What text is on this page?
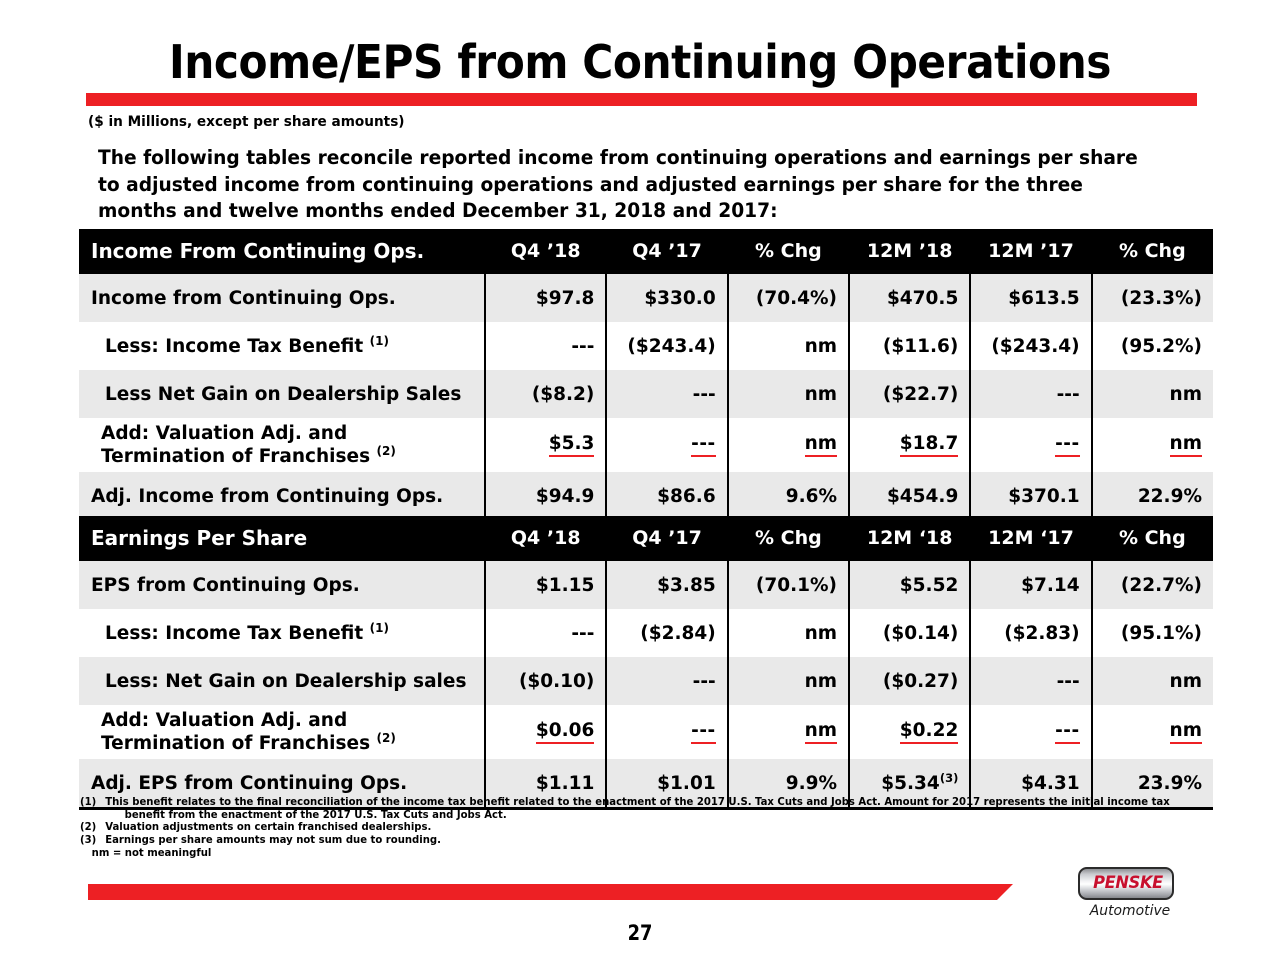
Income/EPS from Continuing Operations
($ in Millions, except per share amounts)
The following tables reconcile reported income from continuing operations and earnings per share to adjusted income from continuing operations and adjusted earnings per share for the three months and twelve months ended December 31, 2018 and 2017:
Income From Continuing Ops.	Q4 ’18	Q4 ’17	% Chg	12M ’18	12M ’17	% Chg
Income from Continuing Ops.	$97.8	$330.0	(70.4%)	$470.5	$613.5	(23.3%)
Less: Income Tax Benefit $^{(1)}$	---	($243.4)	nm	($11.6)	($243.4)	(95.2%)
Less Net Gain on Dealership Sales	($8.2)	---	nm	($22.7)	---	nm

Add: Valuation Adj. and
Termination of Franchises $^{(2)}$	$5.3	---	nm	$18.7	---	nm
Adj. Income from Continuing Ops.	$94.9	$86.6	9.6%	$454.9	$370.1	22.9%
Earnings Per Share	Q4 ’18	Q4 ’17	% Chg	12M ‘18	12M ‘17	% Chg
EPS from Continuing Ops.	$1.15	$3.85	(70.1%)	$5.52	$7.14	(22.7%)
Less: Income Tax Benefit $^{(1)}$	---	($2.84)	nm	($0.14)	($2.83)	(95.1%)
Less: Net Gain on Dealership sales	($0.10)	---	nm	($0.27)	---	nm

Add: Valuation Adj. and
Termination of Franchises $^{(2)}$	$0.06	---	nm	$0.22	---	nm
Adj. EPS from Continuing Ops.	$1.11	$1.01	9.9%	$5.34$^{(3)}$	$4.31	23.9%
(1) This benefit relates to the final reconciliation of the income tax benefit related to the enactment of the 2017 U.S. Tax Cuts and Jobs Act. Amount for 2017 represents the initial income tax
benefit from the enactment of the 2017 U.S. Tax Cuts and Jobs Act.
(2) Valuation adjustments on certain franchised dealerships.
(3) Earnings per share amounts may not sum due to rounding.
nm = not meaningful
27
PENSKE
Automotive
